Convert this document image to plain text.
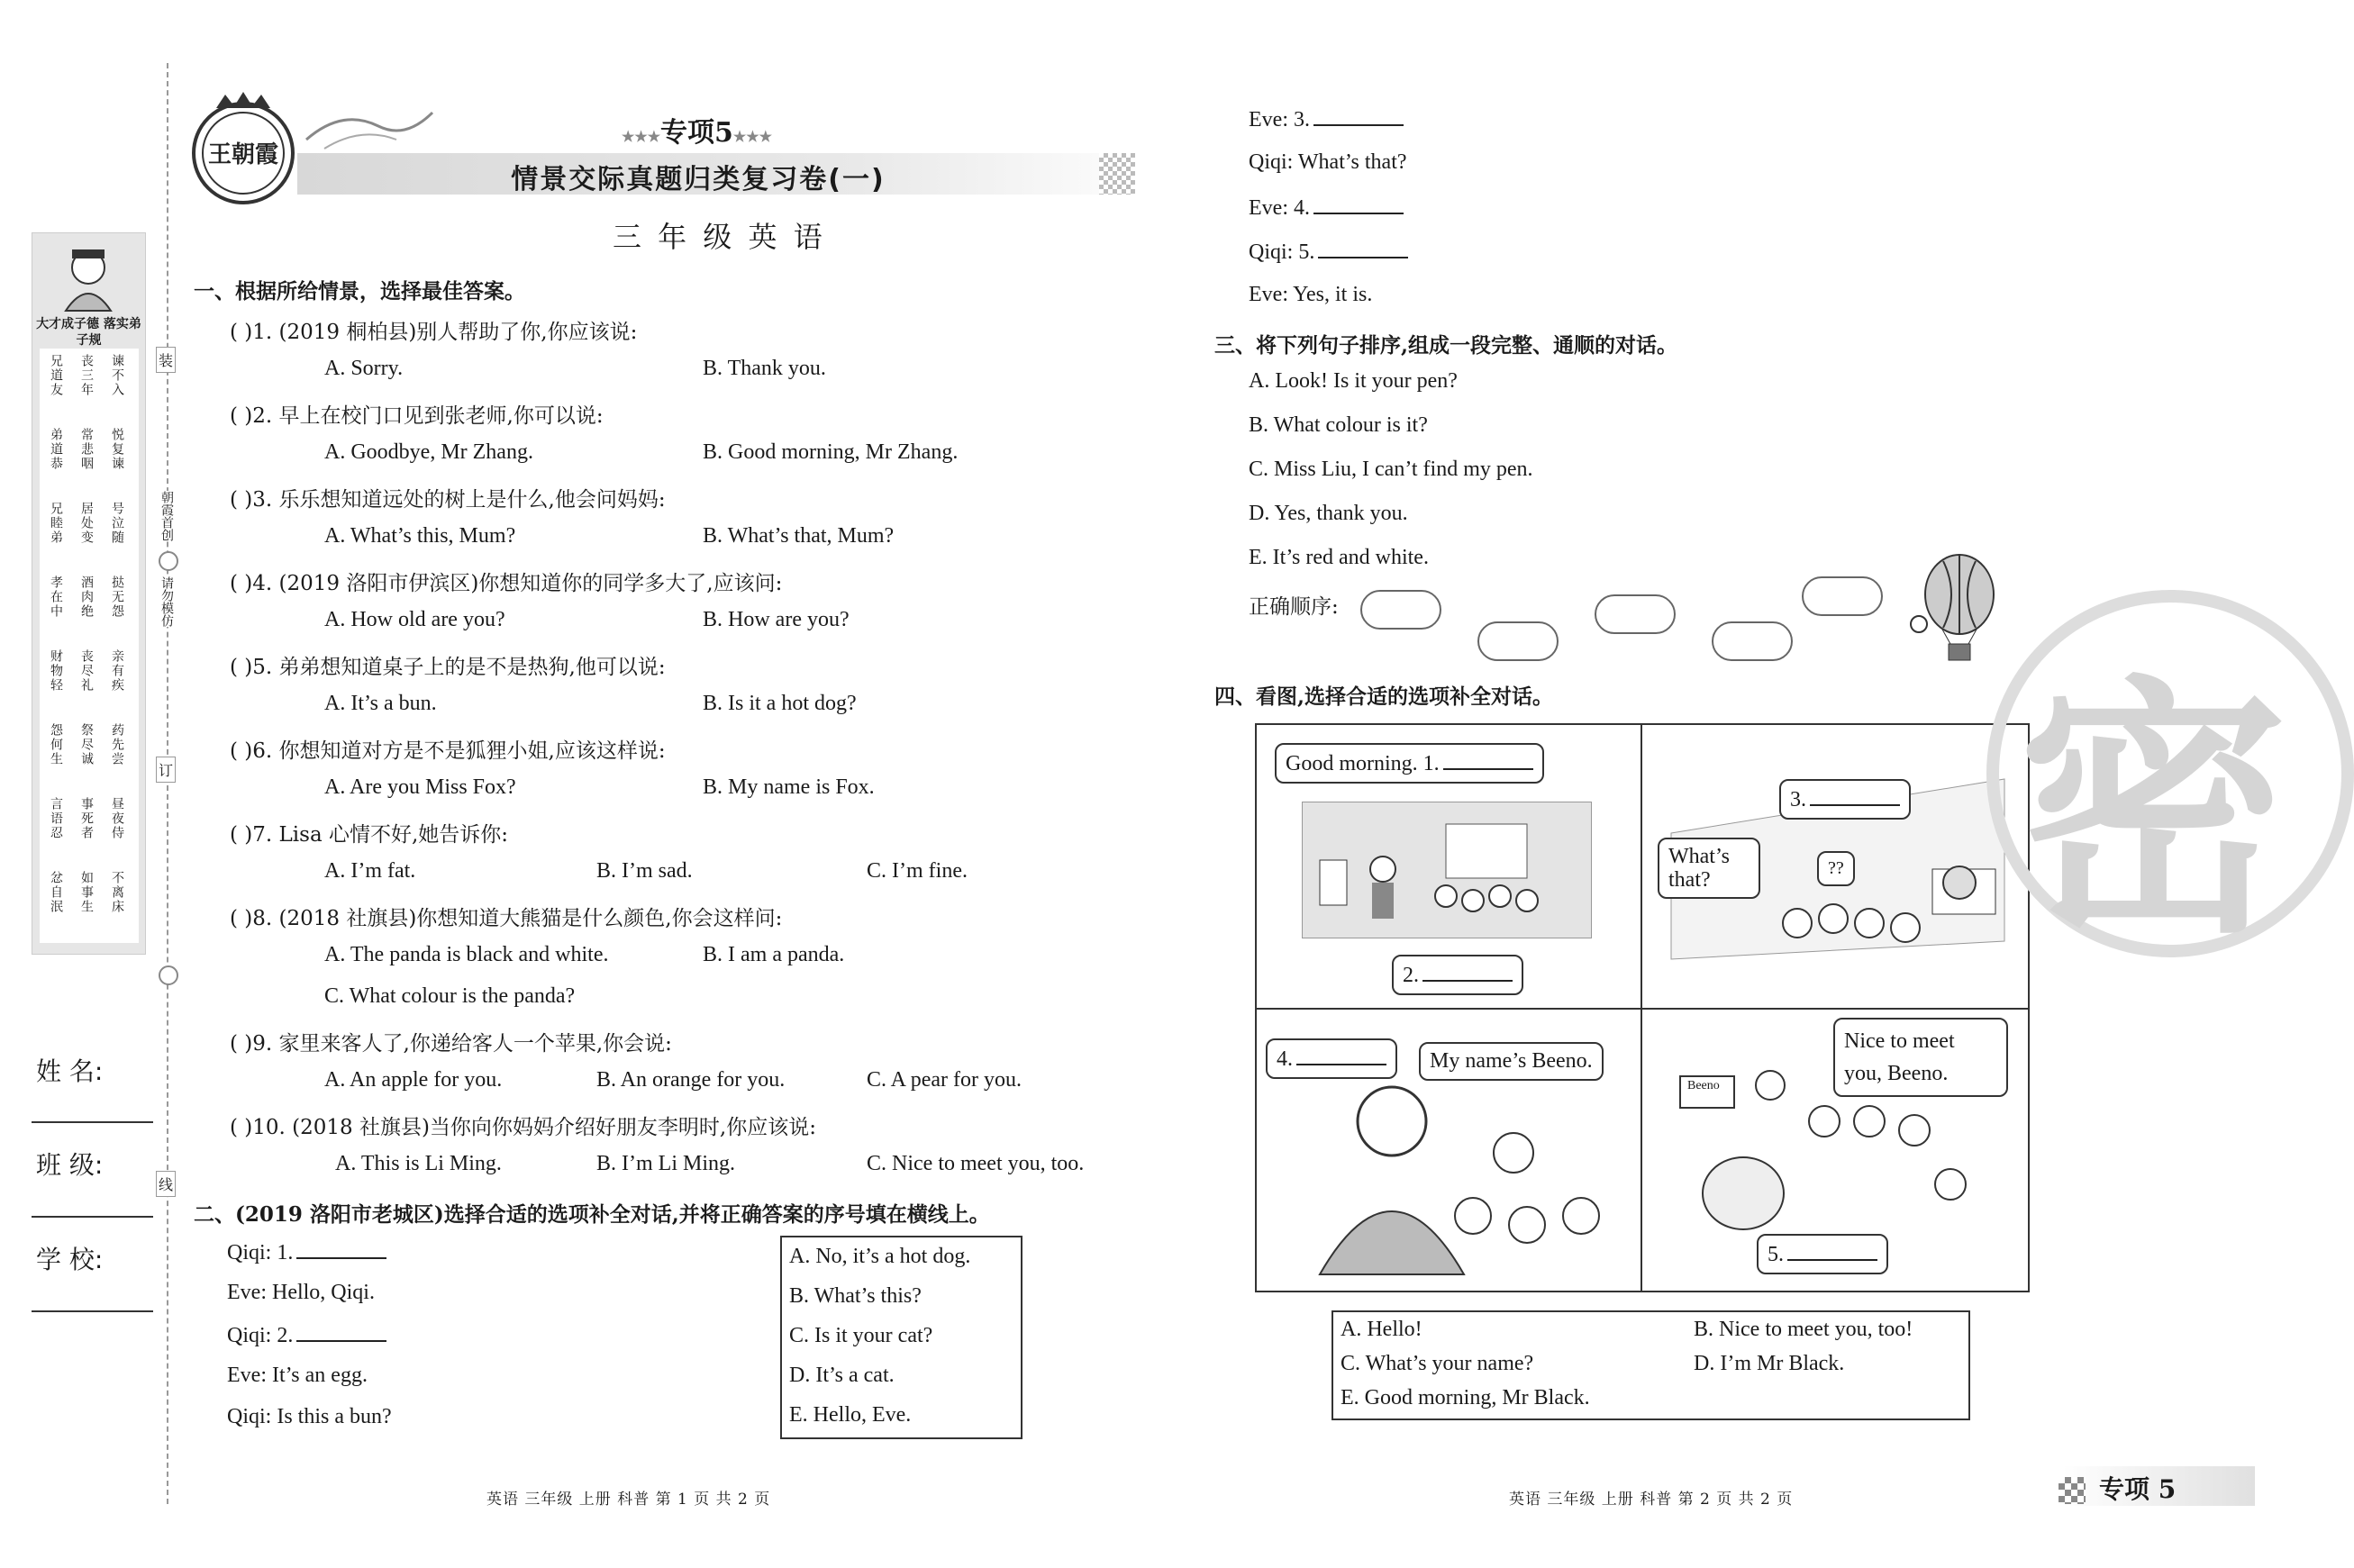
装
朝霞首创
请勿模仿
订
线
大才成子德 落实弟子规
兄道友 丧三年 谏不入
弟道恭 常悲咽 悦复谏
兄睦弟 居处变 号泣随
孝在中 酒肉绝 挞无怨
财物轻 丧尽礼 亲有疾
怨何生 祭尽诚 药先尝
言语忍 事死者 昼夜侍
忿自泯 如事生 不离床
姓 名:
班 级:
学 校:
王朝霞
★★★专项5★★★
情景交际真题归类复习卷(一)
三 年 级 英 语
一、根据所给情景，选择最佳答案。
二、(2019 洛阳市老城区)选择合适的选项补全对话,并将正确答案的序号填在横线上。
A. No, it’s a hot dog.
B. What’s this?
C. Is it your cat?
D. It’s a cat.
E. Hello, Eve.
三、将下列句子排序,组成一段完整、通顺的对话。
正确顺序:
四、看图,选择合适的选项补全对话。
Good morning. 1.
2.
3.
What’s that?	??
4.	My name’s Beeno.
Beeno
Nice to meet you, Beeno.
5.
A. Hello!	B. Nice to meet you, too!
C. What’s your name?	D. I’m Mr Black.
E. Good morning, Mr Black.
密
英语 三年级 上册 科普 第 1 页 共 2 页	英语 三年级 上册 科普 第 2 页 共 2 页	专项 5
( )1. (2019 桐柏县)别人帮助了你,你应该说:
A. Sorry.	B. Thank you.
( )2. 早上在校门口见到张老师,你可以说:
A. Goodbye, Mr Zhang.	B. Good morning, Mr Zhang.
( )3. 乐乐想知道远处的树上是什么,他会问妈妈:
A. What’s this, Mum?	B. What’s that, Mum?
( )4. (2019 洛阳市伊滨区)你想知道你的同学多大了,应该问:
A. How old are you?	B. How are you?
( )5. 弟弟想知道桌子上的是不是热狗,他可以说:
A. It’s a bun.	B. Is it a hot dog?
( )6. 你想知道对方是不是狐狸小姐,应该这样说:
A. Are you Miss Fox?	B. My name is Fox.
( )7. Lisa 心情不好,她告诉你:
A. I’m fat.	B. I’m sad.	C. I’m fine.
( )8. (2018 社旗县)你想知道大熊猫是什么颜色,你会这样问:
A. The panda is black and white.	B. I am a panda.
C. What colour is the panda?
( )9. 家里来客人了,你递给客人一个苹果,你会说:
A. An apple for you.	B. An orange for you.	C. A pear for you.
( )10. (2018 社旗县)当你向你妈妈介绍好朋友李明时,你应该说:
A. This is Li Ming.	B. I’m Li Ming.	C. Nice to meet you, too.
Qiqi: 1.
Eve: Hello, Qiqi.
Qiqi: 2.
Eve: It’s an egg.
Qiqi: Is this a bun?
Eve: 3.
Qiqi: What’s that?
Eve: 4.
Qiqi: 5.
Eve: Yes, it is.
A. Look! Is it your pen?
B. What colour is it?
C. Miss Liu, I can’t find my pen.
D. Yes, thank you.
E. It’s red and white.
